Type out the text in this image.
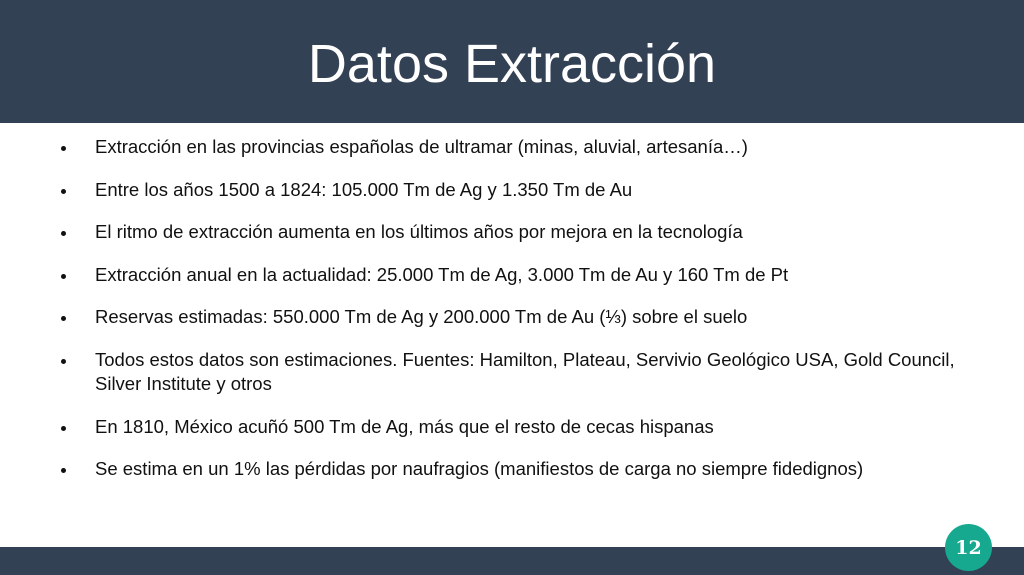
Datos Extracción
Extracción en las provincias españolas de ultramar (minas, aluvial, artesanía…)
Entre los años 1500 a 1824: 105.000 Tm de Ag y 1.350 Tm de Au
El ritmo de extracción aumenta en los últimos años por mejora en la tecnología
Extracción anual en la actualidad: 25.000 Tm de Ag, 3.000 Tm de Au y 160 Tm de Pt
Reservas estimadas: 550.000 Tm de Ag y 200.000 Tm de Au (⅓) sobre el suelo
Todos estos datos son estimaciones. Fuentes: Hamilton, Plateau, Servivio Geológico USA, Gold Council, Silver Institute y otros
En 1810, México acuñó 500 Tm de Ag, más que el resto de cecas hispanas
Se estima en un 1% las pérdidas por naufragios (manifiestos de carga no siempre fidedignos)
12
